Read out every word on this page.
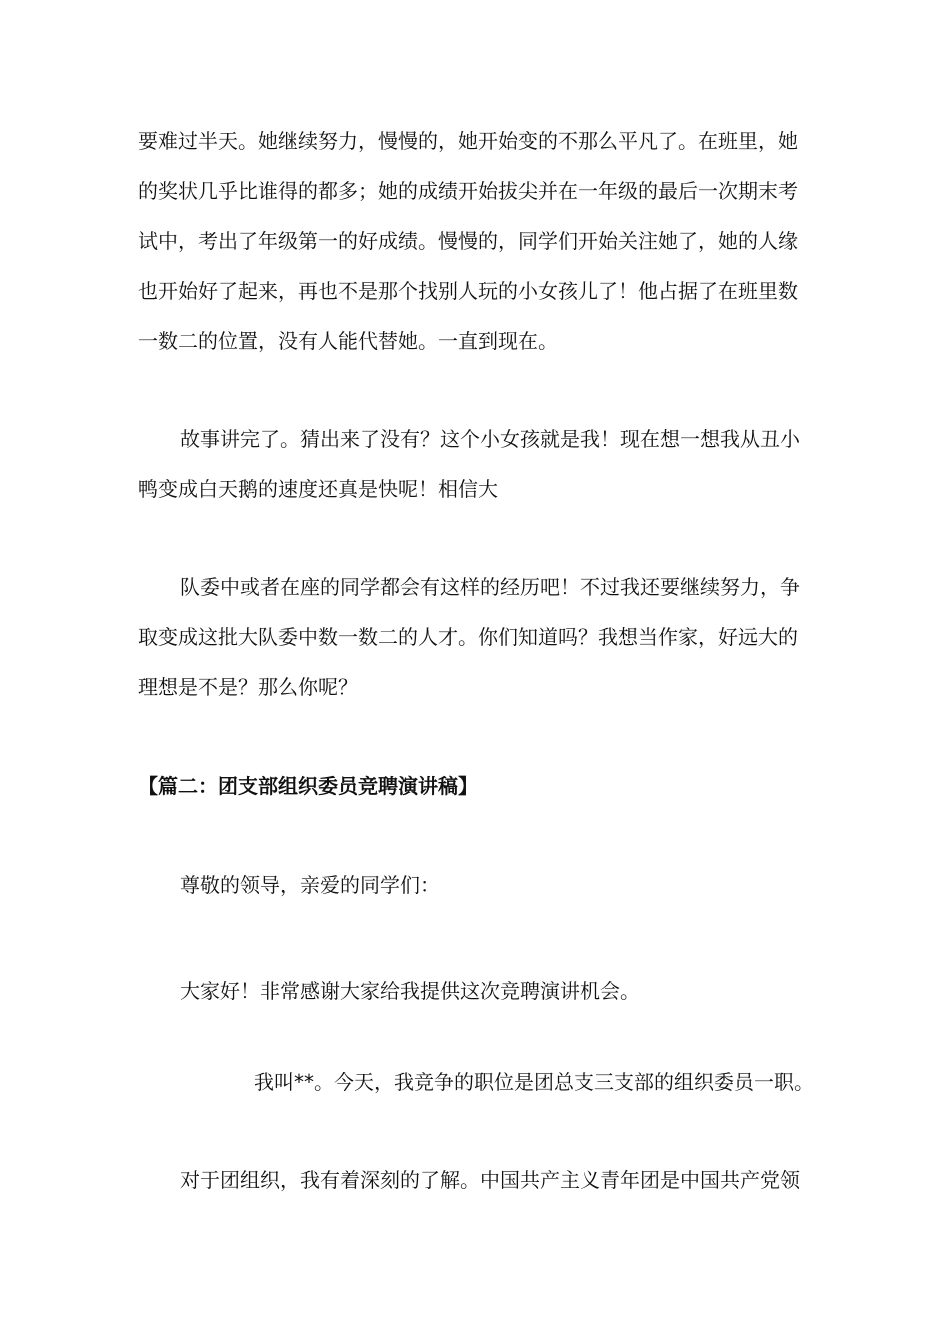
要难过半天。她继续努力，慢慢的，她开始变的不那么平凡了。在班里，她
的奖状几乎比谁得的都多；她的成绩开始拔尖并在一年级的最后一次期末考
试中，考出了年级第一的好成绩。慢慢的，同学们开始关注她了，她的人缘
也开始好了起来，再也不是那个找别人玩的小女孩儿了！他占据了在班里数
一数二的位置，没有人能代替她。一直到现在。
故事讲完了。猜出来了没有？这个小女孩就是我！现在想一想我从丑小
鸭变成白天鹅的速度还真是快呢！相信大
队委中或者在座的同学都会有这样的经历吧！不过我还要继续努力，争
取变成这批大队委中数一数二的人才。你们知道吗？我想当作家，好远大的
理想是不是？那么你呢？
【篇二：团支部组织委员竞聘演讲稿】
尊敬的领导，亲爱的同学们：
大家好！非常感谢大家给我提供这次竞聘演讲机会。
我叫**。今天，我竞争的职位是团总支三支部的组织委员一职。
对于团组织，我有着深刻的了解。中国共产主义青年团是中国共产党领
